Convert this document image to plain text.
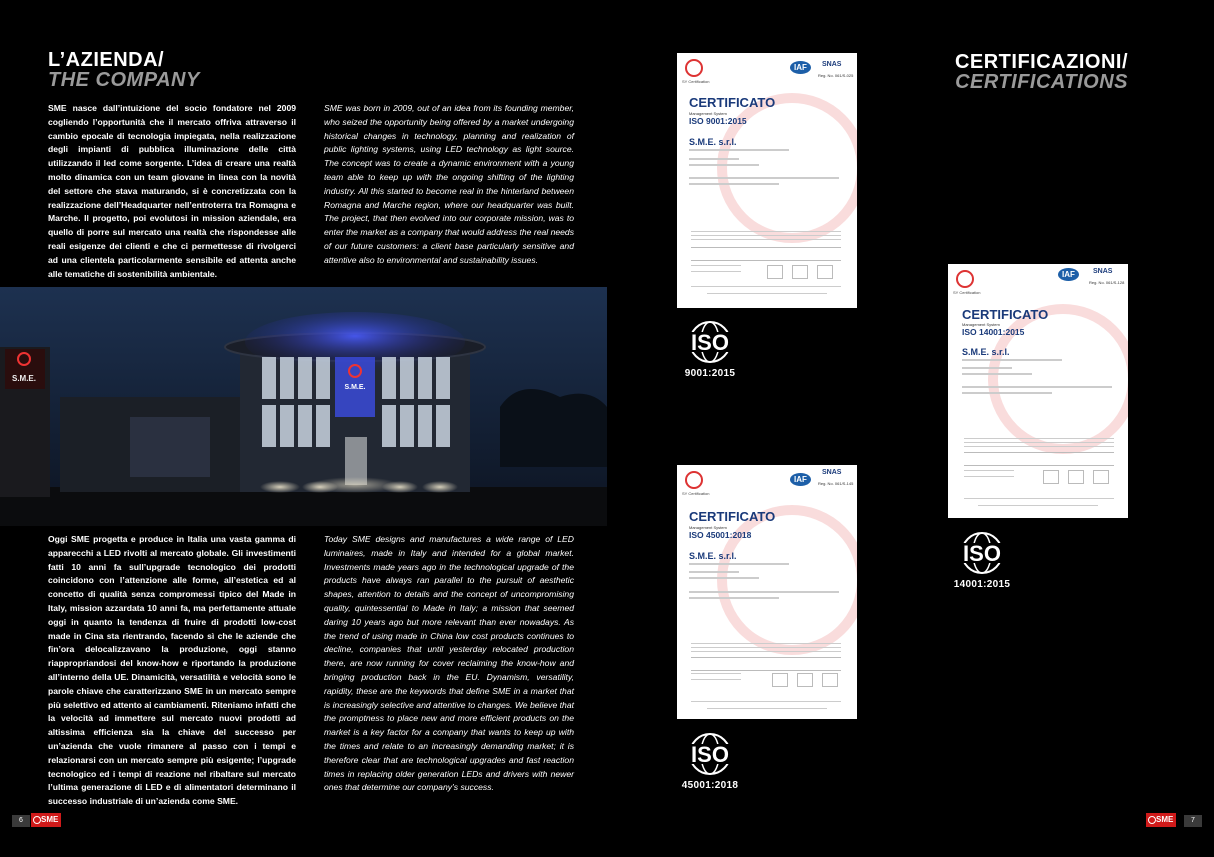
L’AZIENDA/
THE COMPANY
CERTIFICAZIONI/
CERTIFICATIONS
SME nasce dall’intuizione del socio fondatore nel 2009 cogliendo l’opportunità che il mercato offriva attraverso il cambio epocale di tecnologia impiegata, nella realizzazione degli impianti di pubblica illuminazione delle città utilizzando il led come sorgente. L’idea di creare una realtà molto dinamica con un team giovane in linea con la novità del settore che stava maturando, si è concretizzata con la realizzazione dell’Headquarter nell’entroterra tra Romagna e Marche. Il progetto, poi evolutosi in mission aziendale, era quello di porre sul mercato una realtà che rispondesse alle reali esigenze dei clienti e che ci permettesse di rivolgerci ad una clientela particolarmente sensibile ed attenta anche alle tematiche di sostenibilità ambientale.
SME was born in 2009, out of an idea from its founding member, who seized the opportunity being offered by a market undergoing historical changes in technology, planning and realization of public lighting systems, using LED technology as light source. The concept was to create a dynamic environment with a young team able to keep up with the ongoing shifting of the lighting industry. All this started to become real in the hinterland between Romagna and Marche region, where our headquarter was built. The project, that then evolved into our corporate mission, was to enter the market as a company that would address the real needs of our future customers: a client base particularly sensitive and attentive also to environmental and sustainability issues.
Oggi SME progetta e produce in Italia una vasta gamma di apparecchi a LED rivolti al mercato globale. Gli investimenti fatti 10 anni fa sull’upgrade tecnologico dei prodotti coincidono con l’attenzione alle forme, all’estetica ed al concetto di qualità senza compromessi tipico del Made in Italy, mission azzardata 10 anni fa, ma perfettamente attuale oggi in quanto la tendenza di fruire di prodotti low-cost made in Cina sta rientrando, facendo sì che le aziende che fin’ora delocalizzavano la produzione, oggi stanno riappropriandosi del know-how e riportando la produzione all’interno della UE. Dinamicità, versatilità e velocità sono le parole chiave che caratterizzano SME in un mercato sempre più selettivo ed attento ai cambiamenti. Riteniamo infatti che la velocità ad immettere sul mercato nuovi prodotti ad altissima efficienza sia la chiave del successo per un’azienda che vuole rimanere al passo con i tempi e relazionarsi con un mercato sempre più esigente; l’upgrade tecnologico ed i tempi di reazione nel ribaltare sul mercato l’ultima generazione di LED e di alimentatori determinano il successo industriale di un’azienda come SME.
Today SME designs and manufactures a wide range of LED luminaires, made in Italy and intended for a global market. Investments made years ago in the technological upgrade of the products have always ran parallel to the pursuit of aesthetic shapes, attention to details and the concept of uncompromising quality, quintessential to Made in Italy; a mission that seemed daring 10 years ago but more relevant than ever nowadays. As the trend of using made in China low cost products continues to decline, companies that until yesterday relocated production there, are now running for cover reclaiming the know-how and bringing production back in the EU. Dynamism, versatility, rapidity, these are the keywords that define SME in a market that is increasingly selective and attentive to changes. We believe that the promptness to place new and more efficient products on the market is a key factor for a company that wants to keep up with the times and relate to an increasingly demanding market; it is therefore clear that are technological upgrades and fast reaction times in replacing older generation LEDs and drivers with newer ones that determine our company’s success.
S.M.E.
S.M.E.
SY Certification
IAF	SNAS
Reg. No. 061/S-025
CERTIFICATO
Management System
ISO 9001:2015
S.M.E. s.r.l.
SY Certification
IAF
SNAS
Reg. No. 061/S-145
CERTIFICATO
Management System
ISO 45001:2018
S.M.E. s.r.l.
SY Certification
IAF	SNAS
Reg. No. 061/S-128
CERTIFICATO
Management System
ISO 14001:2015
S.M.E. s.r.l.
ISO
9001:2015
ISO
45001:2018
ISO
14001:2015
6	SME	SME	7
